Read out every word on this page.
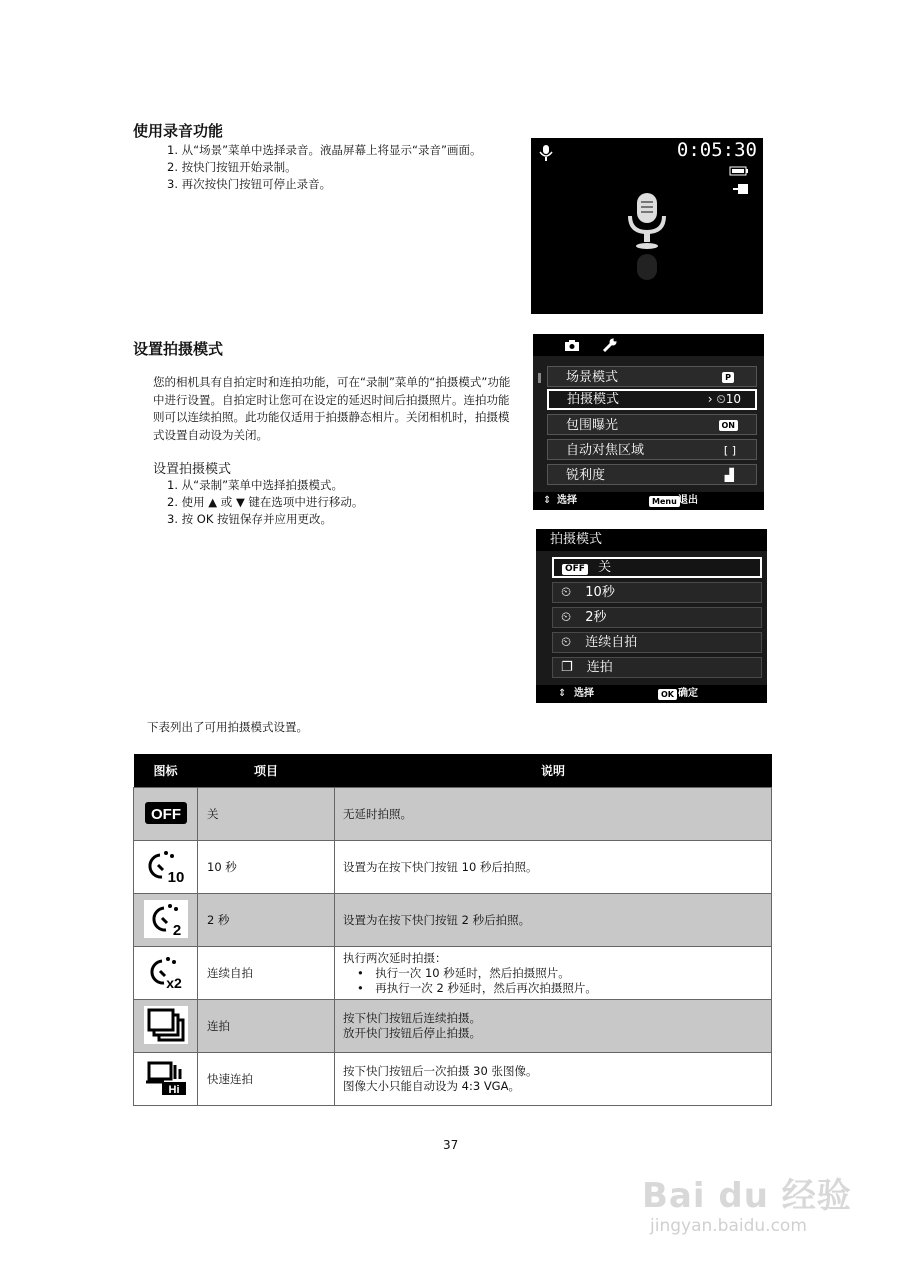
使用录音功能
1. 从“场景”菜单中选择录音。液晶屏幕上将显示“录音”画面。
2. 按快门按钮开始录制。
3. 再次按快门按钮可停止录音。
0:05:30
设置拍摄模式
您的相机具有自拍定时和连拍功能，可在“录制”菜单的“拍摄模式”功能中进行设置。自拍定时让您可在设定的延迟时间后拍摄照片。连拍功能则可以连续拍照。此功能仅适用于拍摄静态相片。关闭相机时，拍摄模式设置自动设为关闭。
设置拍摄模式
1. 从“录制”菜单中选择拍摄模式。
2. 使用 ▲ 或 ▼ 键在选项中进行移动。
3. 按 OK 按钮保存并应用更改。
场景模式	P
拍摄模式	› ⏲10
包围曝光	ON
自动对焦区域	[ ]
锐利度	▟
⇕ 选择	Menu 退出
拍摄模式
OFF 关
⏲ 10秒
⏲ 2秒
⏲ 连续自拍
❐ 连拍
⇕ 选择	OK 确定
下表列出了可用拍摄模式设置。
图标	项目	说明

OFF	关	无延时拍照。

10	10 秒	设置为在按下快门按钮 10 秒后拍照。

2	2 秒	设置为在按下快门按钮 2 秒后拍照。

x2	连续自拍	执行两次延时拍摄：
•　执行一次 10 秒延时，然后拍摄照片。
•　再执行一次 2 秒延时，然后再次拍摄照片。

	连拍	按下快门按钮后连续拍摄。
放开快门按钮后停止拍摄。

Hi	快速连拍	按下快门按钮后一次拍摄 30 张图像。
图像大小只能自动设为 4:3 VGA。
37
Bai du 经验
jingyan.baidu.com
